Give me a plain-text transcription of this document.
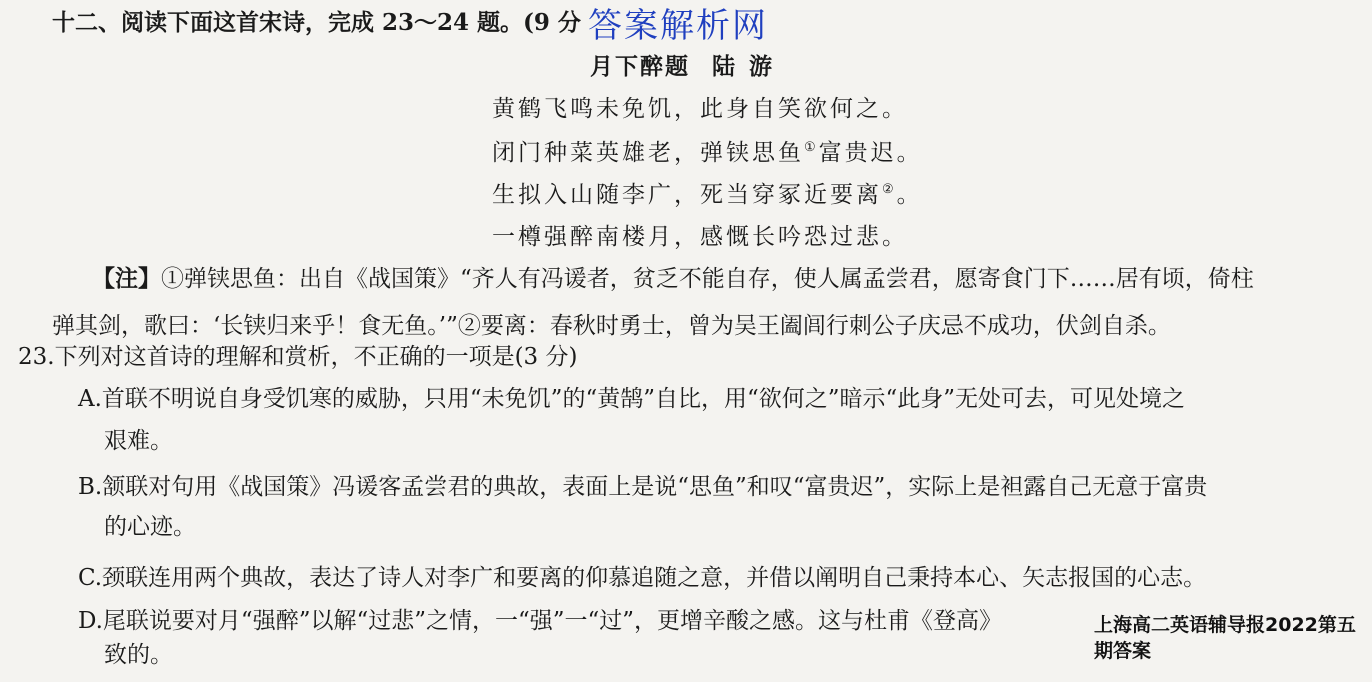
十二、阅读下面这首宋诗，完成 23～24 题。(9 分 答案解析网
月下醉题 陆游
黄鹤飞鸣未免饥，此身自笑欲何之。
闭门种菜英雄老，弹铗思鱼①富贵迟。
生拟入山随李广，死当穿冢近要离②。
一樽强醉南楼月，感慨长吟恐过悲。
【注】①弹铗思鱼：出自《战国策》“齐人有冯谖者，贫乏不能自存，使人属孟尝君，愿寄食门下……居有顷，倚柱
弹其剑，歌曰：‘长铗归来乎！食无鱼。’”②要离：春秋时勇士，曾为吴王阖闾行刺公子庆忌不成功，伏剑自杀。
23.下列对这首诗的理解和赏析，不正确的一项是(3 分)
A.首联不明说自身受饥寒的威胁，只用“未免饥”的“黄鹄”自比，用“欲何之”暗示“此身”无处可去，可见处境之
艰难。
B.颔联对句用《战国策》冯谖客孟尝君的典故，表面上是说“思鱼”和叹“富贵迟”，实际上是袒露自己无意于富贵
的心迹。
C.颈联连用两个典故，表达了诗人对李广和要离的仰慕追随之意，并借以阐明自己秉持本心、矢志报国的心志。
D.尾联说要对月“强醉”以解“过悲”之情，一“强”一“过”，更增辛酸之感。这与杜甫《登高》
致的。
上海高二英语辅导报2022第五期答案
